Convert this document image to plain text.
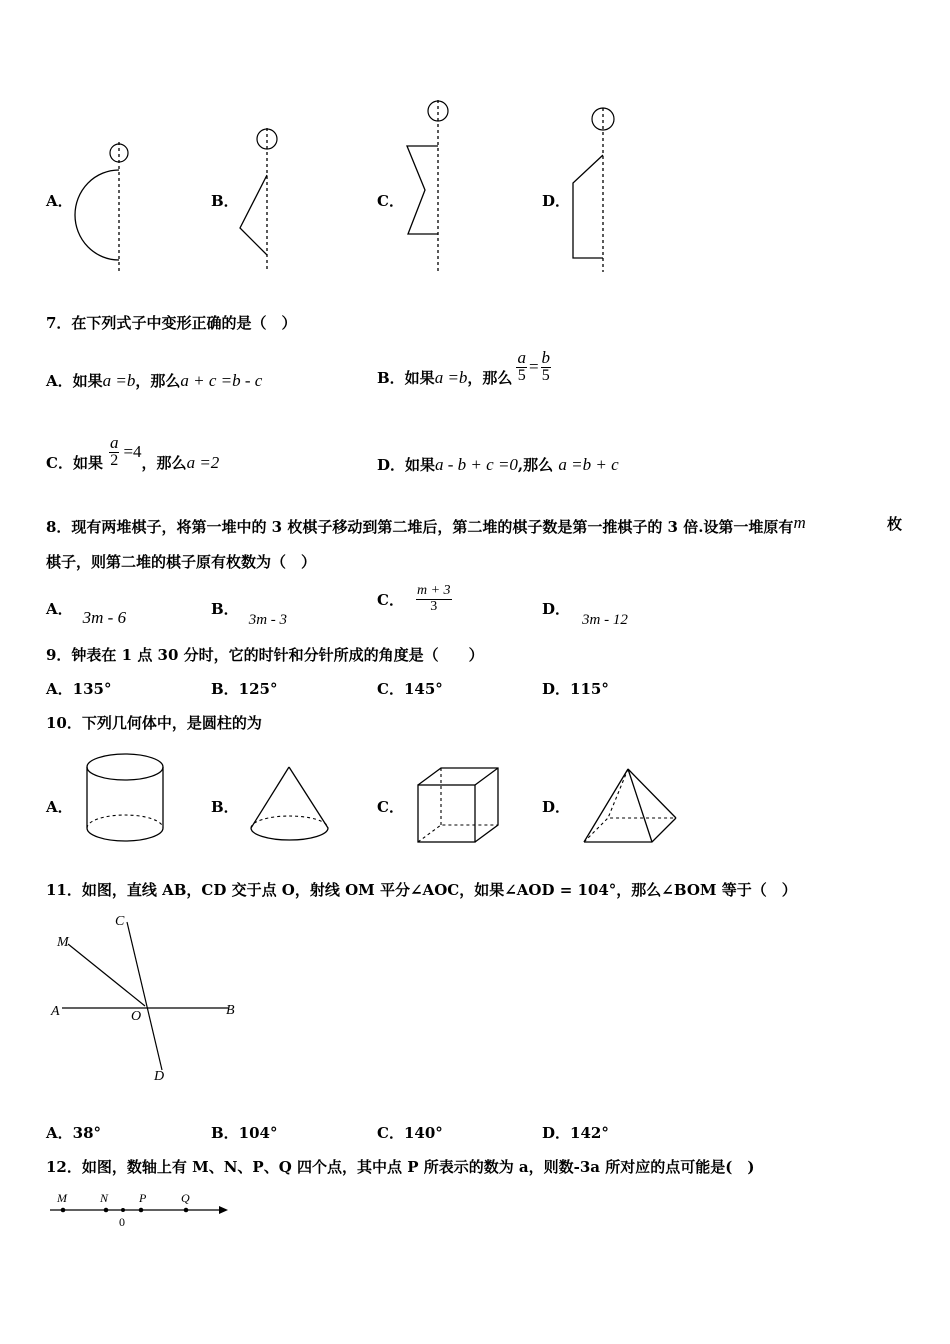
A．	B．	C．	D．
7．在下列式子中变形正确的是（　）
A．如果a =b，那么a + c =b - c	B．如果 a =b ，那么 $\frac{a}{5} = \frac{b}{5}$
C．如果 $\frac{a}{2} =4$
，那么 a =2	D．如果a - b + c =0,那么 a =b + c
8．现有两堆棋子，将第一堆中的 3 枚棋子移动到第二堆后，第二堆的棋子数是第一推棋子的 3 倍.设第一堆原有m	枚
棋子，则第二堆的棋子原有枚数为（　）
A． 3m - 6	B．3m - 3
C． $\frac{m + 3}{3}$	D．3m - 12
9．钟表在 1 点 30 分时，它的时针和分针所成的角度是（　　）
A．135°	B．125°	C．145°	D．115°
10．下列几何体中，是圆柱的为
A．	B．	C．	D．
11．如图，直线 AB，CD 交于点 O，射线 OM 平分∠AOC，如果∠AOD = 104°，那么∠BOM 等于（　）
M
C
A	O	B
D
A．38°	B．104°	C．140°	D．142°
12．如图，数轴上有 M、N、P、Q 四个点，其中点 P 所表示的数为 a，则数-3a 所对应的点可能是(　)
M	N	P	Q
0
